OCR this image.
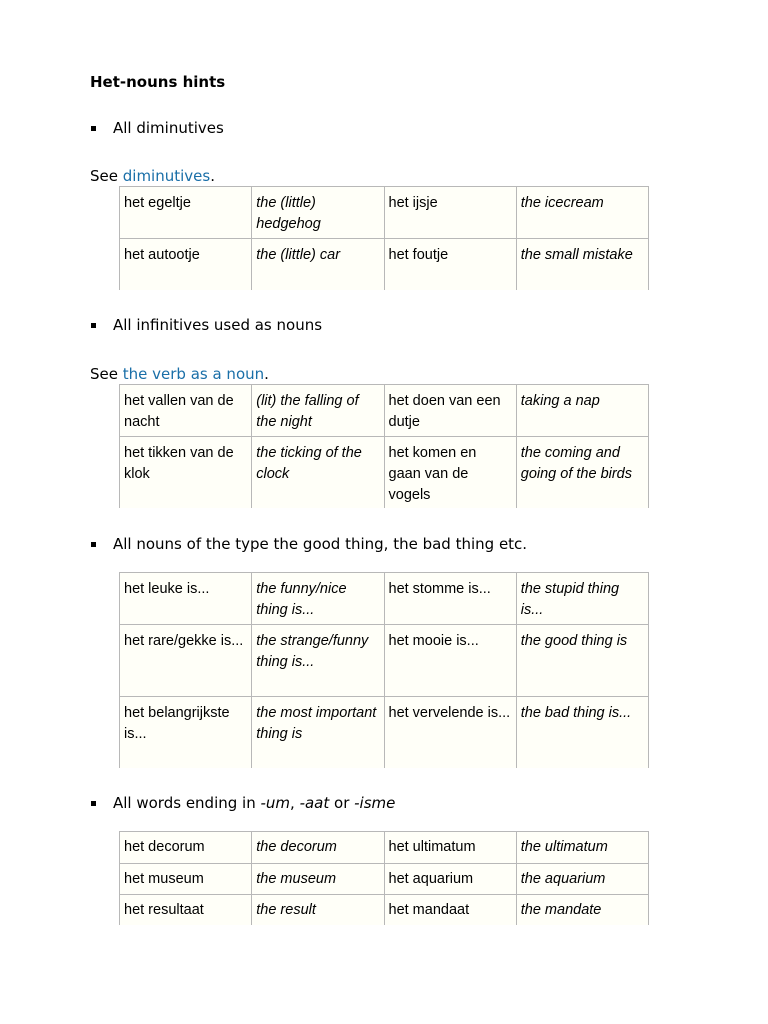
Het-nouns hints
All diminutives
See diminutives.
het egeltje	the (little) hedgehog	het ijsje	the icecream
het autootje	the (little) car	het foutje	the small mistake
All infinitives used as nouns
See the verb as a noun.
het vallen van de nacht	(lit) the falling of the night	het doen van een dutje	taking a nap
het tikken van de klok	the ticking of the clock	het komen en gaan van de vogels	the coming and going of the birds
All nouns of the type the good thing, the bad thing etc.
het leuke is...	the funny/nice thing is...	het stomme is...	the stupid thing is...
het rare/gekke is...	the strange/funny thing is...	het mooie is...	the good thing is
het belangrijkste is...	the most important thing is	het vervelende is...	the bad thing is...
All words ending in -um, -aat or -isme
het decorum	the decorum	het ultimatum	the ultimatum
het museum	the museum	het aquarium	the aquarium
het resultaat	the result	het mandaat	the mandate
